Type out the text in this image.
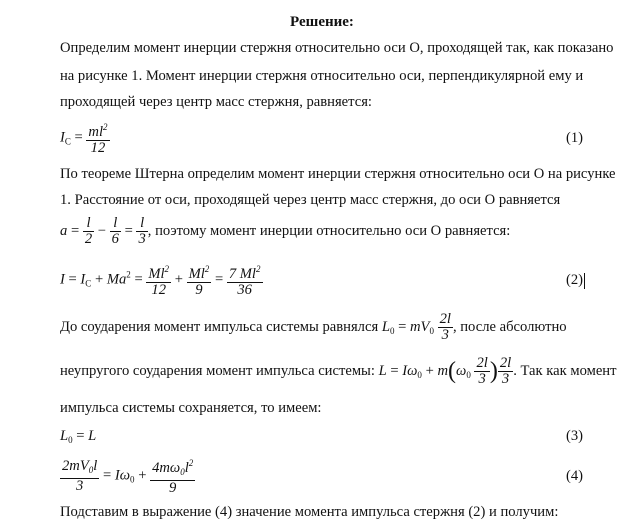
Решение:
Определим момент инерции стержня относительно оси О, проходящей так, как показано
на рисунке 1. Момент инерции стержня относительно оси, перпендикулярной ему и
проходящей через центр масс стержня, равняется:
$I_C = \frac{ml^2}{12}$	(1)
По теореме Штерна определим момент инерции стержня относительно оси О на рисунке
1. Расстояние от оси, проходящей через центр масс стержня, до оси О равняется
$a = \frac{l}{2} - \frac{l}{6} = \frac{l}{3}$ , поэтому момент инерции относительно оси О равняется:
$I = I_C + Ma^2 = \frac{Ml^2}{12} + \frac{Ml^2}{9} = \frac{7 Ml^2}{36}$	(2)
До соударения момент импульса системы равнялся $L_0 = mV_0 \frac{2l}{3}$ , после абсолютно
неупругого соударения момент импульса системы: $L = I\omega_0 + m(\omega_0 \frac{2l}{3}$ ) $\frac{2l}{3}$ . Так как момент
импульса системы сохраняется, то имеем:
$L_0 = L$	(3)
$\frac{2mV_0l}{3} = I\omega_0 + \frac{4m\omega_0l^2}{9}$	(4)
Подставим в выражение (4) значение момента импульса стержня (2) и получим:
